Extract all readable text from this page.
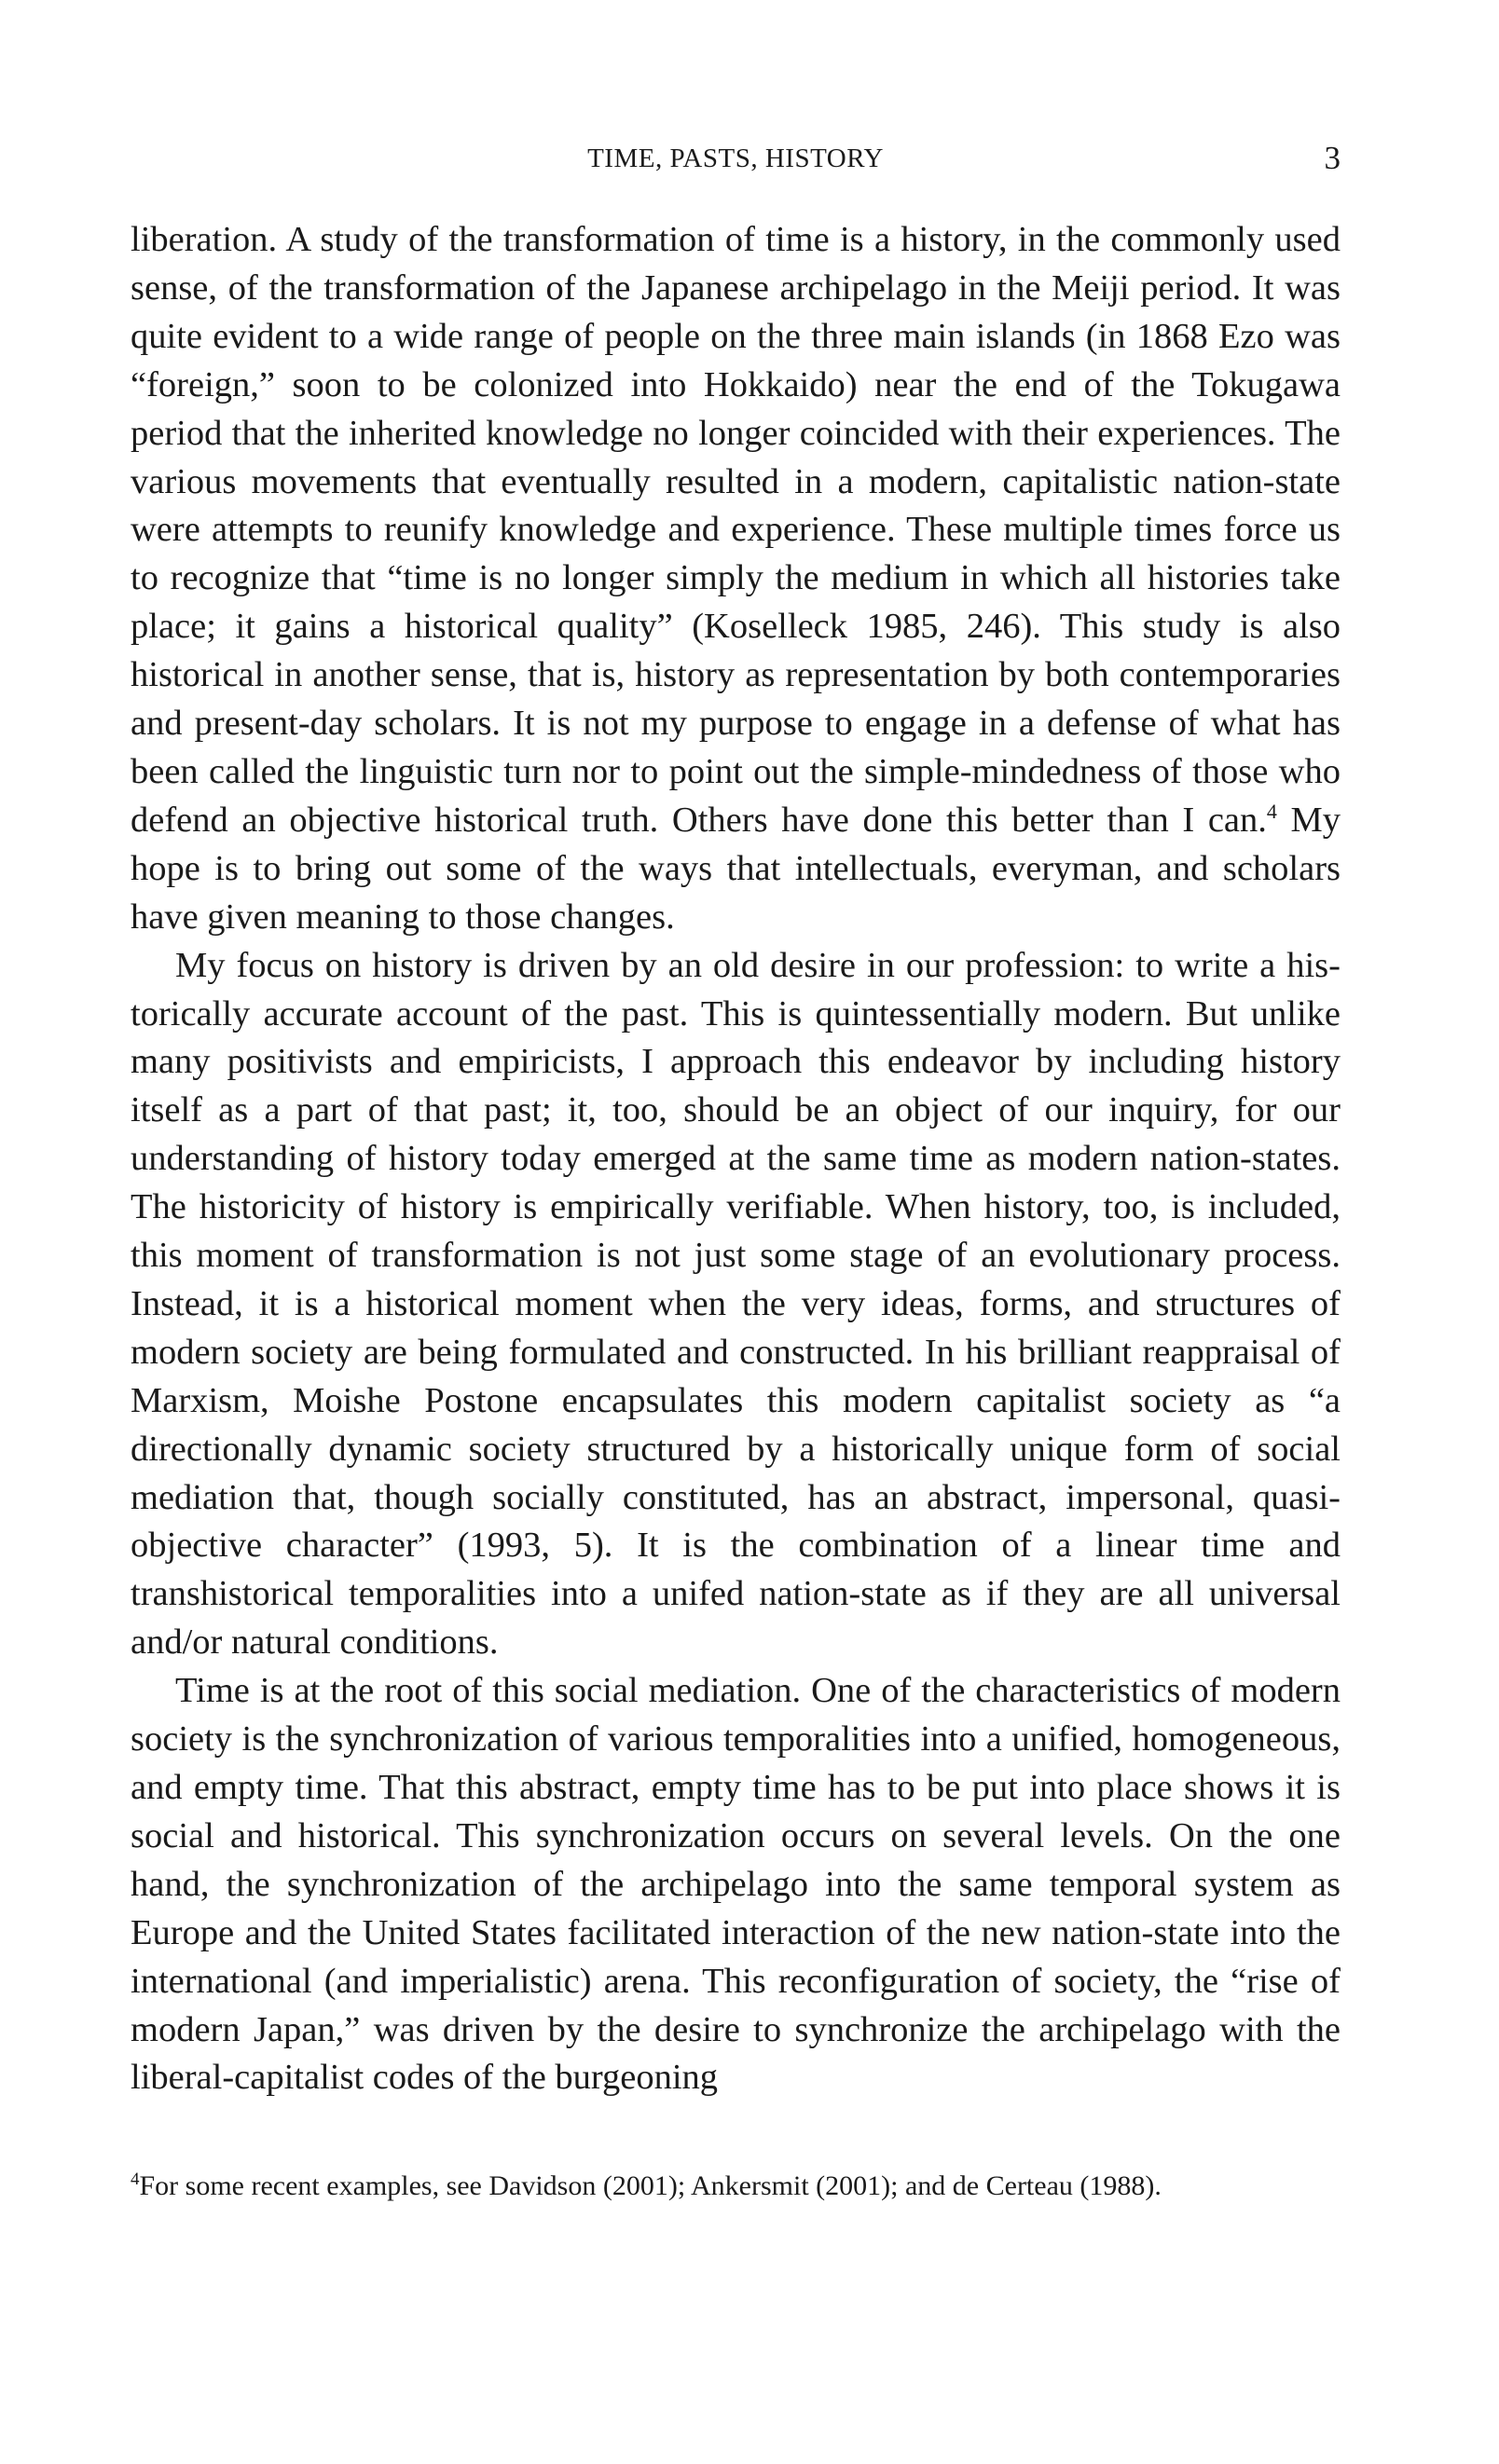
TIME, PASTS, HISTORY	3

liberation. A study of the transformation of time is a history, in the commonly used sense, of the transformation of the Japanese archipelago in the Meiji period. It was quite evident to a wide range of people on the three main islands (in 1868 Ezo was “foreign,” soon to be colonized into Hokkaido) near the end of the Tokugawa period that the inherited knowledge no longer coincided with their experiences. The various movements that eventually resulted in a modern, capitalistic nation-state were attempts to reunify knowledge and experience. These multiple times force us to recognize that “time is no longer simply the medium in which all histories take place; it gains a historical quality” (Koselleck 1985, 246). This study is also historical in another sense, that is, history as representation by both contemporaries and present-day scholars. It is not my purpose to engage in a defense of what has been called the linguistic turn nor to point out the simple-mindedness of those who defend an objective historical truth. Others have done this better than I can.$^4$ My hope is to bring out some of the ways that intellectuals, everyman, and scholars have given meaning to those changes.

My focus on history is driven by an old desire in our profession: to write a historically accurate account of the past. This is quintessentially modern. But unlike many positivists and empiricists, I approach this endeavor by including history itself as a part of that past; it, too, should be an object of our inquiry, for our understanding of history today emerged at the same time as modern nation-states. The historicity of history is empirically verifiable. When history, too, is included, this moment of transformation is not just some stage of an evolutionary process. Instead, it is a historical moment when the very ideas, forms, and structures of modern society are being formulated and constructed. In his brilliant reappraisal of Marxism, Moishe Postone encapsulates this modern capitalist society as “a directionally dynamic society structured by a historically unique form of social mediation that, though socially constituted, has an abstract, impersonal, quasi-objective character” (1993, 5). It is the combination of a linear time and transhistorical temporalities into a unifed nation-state as if they are all universal and/or natural conditions.

Time is at the root of this social mediation. One of the characteristics of modern society is the synchronization of various temporalities into a unified, homogeneous, and empty time. That this abstract, empty time has to be put into place shows it is social and historical. This synchronization occurs on several levels. On the one hand, the synchronization of the archipelago into the same temporal system as Europe and the United States facilitated interaction of the new nation-state into the international (and imperialistic) arena. This reconfiguration of society, the “rise of modern Japan,” was driven by the desire to synchronize the archipelago with the liberal-capitalist codes of the burgeoning

$^4$For some recent examples, see Davidson (2001); Ankersmit (2001); and de Certeau (1988).
